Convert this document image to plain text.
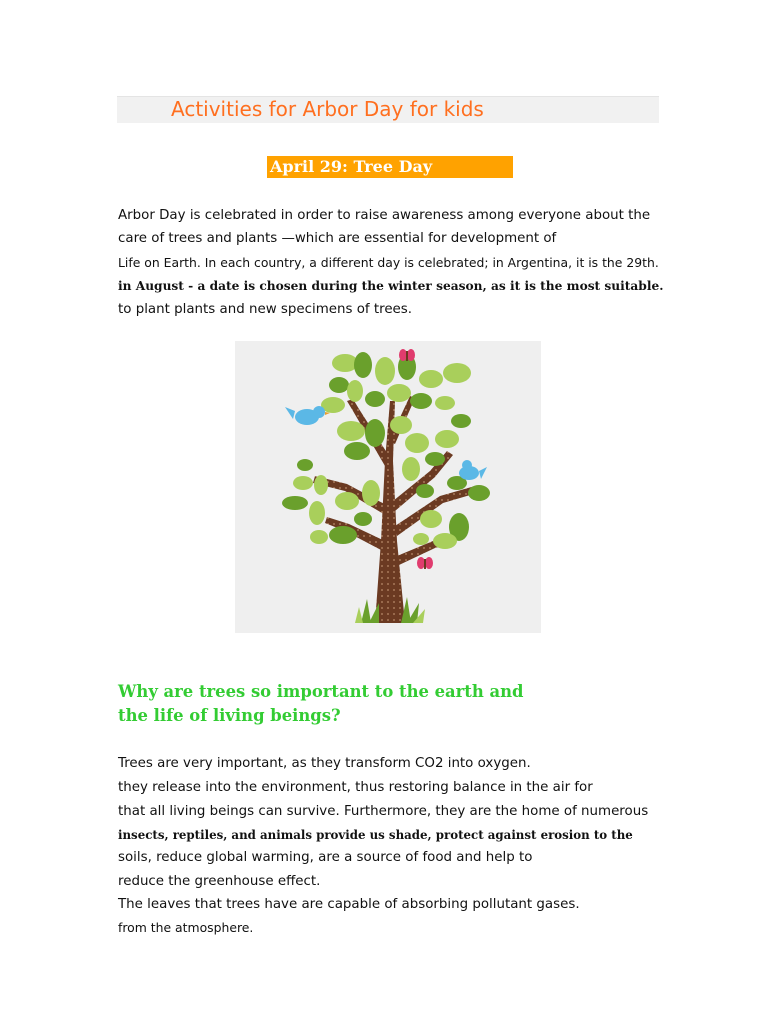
Activities for Arbor Day for kids
April 29: Tree Day
Arbor Day is celebrated in order to raise awareness among everyone about the
care of trees and plants —which are essential for development of
Life on Earth. In each country, a different day is celebrated; in Argentina, it is the 29th.
in August - a date is chosen during the winter season, as it is the most suitable.
to plant plants and new specimens of trees.
Why are trees so important to the earth and
the life of living beings?
Trees are very important, as they transform CO2 into oxygen.
they release into the environment, thus restoring balance in the air for
that all living beings can survive. Furthermore, they are the home of numerous
insects, reptiles, and animals provide us shade, protect against erosion to the
soils, reduce global warming, are a source of food and help to
reduce the greenhouse effect.
The leaves that trees have are capable of absorbing pollutant gases.
from the atmosphere.
